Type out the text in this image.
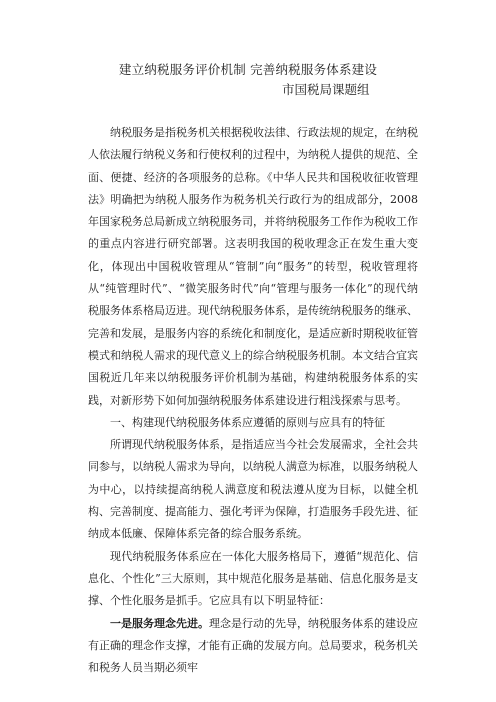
建立纳税服务评价机制 完善纳税服务体系建设
市国税局课题组

纳税服务是指税务机关根据税收法律、行政法规的规定，在纳税人依法履行纳税义务和行使权利的过程中，为纳税人提供的规范、全面、便捷、经济的各项服务的总称。《中华人民共和国税收征收管理法》明确把为纳税人服务作为税务机关行政行为的组成部分，2008年国家税务总局新成立纳税服务司，并将纳税服务工作作为税收工作的重点内容进行研究部署。这表明我国的税收理念正在发生重大变化，体现出中国税收管理从“管制”向“服务”的转型，税收管理将从“纯管理时代”、“微笑服务时代”向“管理与服务一体化”的现代纳税服务体系格局迈进。现代纳税服务体系，是传统纳税服务的继承、完善和发展，是服务内容的系统化和制度化，是适应新时期税收征管模式和纳税人需求的现代意义上的综合纳税服务机制。本文结合宜宾国税近几年来以纳税服务评价机制为基础，构建纳税服务体系的实践，对新形势下如何加强纳税服务体系建设进行粗浅探索与思考。

一、构建现代纳税服务体系应遵循的原则与应具有的特征

所谓现代纳税服务体系，是指适应当今社会发展需求，全社会共同参与，以纳税人需求为导向，以纳税人满意为标准，以服务纳税人为中心，以持续提高纳税人满意度和税法遵从度为目标，以健全机构、完善制度、提高能力、强化考评为保障，打造服务手段先进、征纳成本低廉、保障体系完备的综合服务系统。

现代纳税服务体系应在一体化大服务格局下，遵循“规范化、信息化、个性化”三大原则，其中规范化服务是基础、信息化服务是支撑、个性化服务是抓手。它应具有以下明显特征：

一是服务理念先进。理念是行动的先导，纳税服务体系的建设应有正确的理念作支撑，才能有正确的发展方向。总局要求，税务机关和税务人员当期必须牢
